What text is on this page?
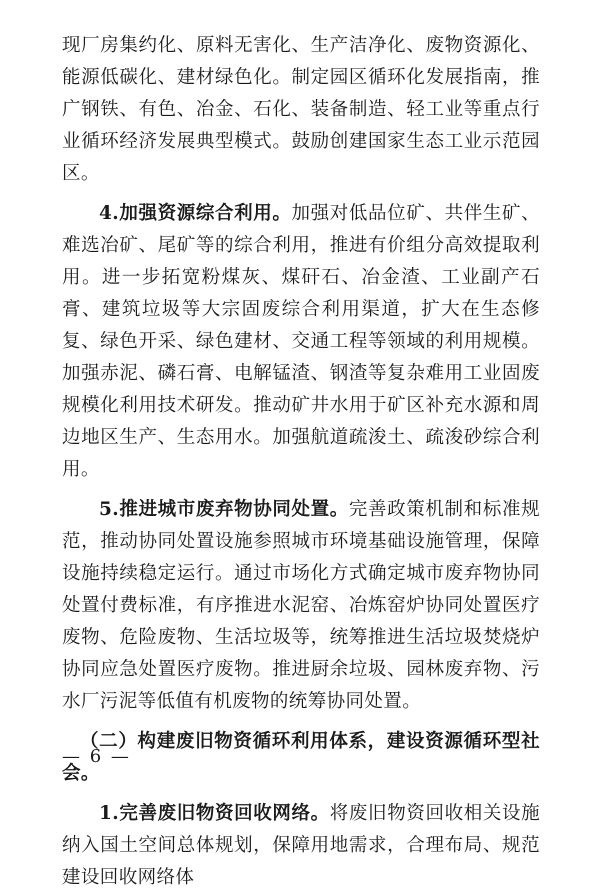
现厂房集约化、原料无害化、生产洁净化、废物资源化、能源低碳化、建材绿色化。制定园区循环化发展指南，推广钢铁、有色、冶金、石化、装备制造、轻工业等重点行业循环经济发展典型模式。鼓励创建国家生态工业示范园区。

4.加强资源综合利用。加强对低品位矿、共伴生矿、难选冶矿、尾矿等的综合利用，推进有价组分高效提取利用。进一步拓宽粉煤灰、煤矸石、冶金渣、工业副产石膏、建筑垃圾等大宗固废综合利用渠道，扩大在生态修复、绿色开采、绿色建材、交通工程等领域的利用规模。加强赤泥、磷石膏、电解锰渣、钢渣等复杂难用工业固废规模化利用技术研发。推动矿井水用于矿区补充水源和周边地区生产、生态用水。加强航道疏浚土、疏浚砂综合利用。

5.推进城市废弃物协同处置。完善政策机制和标准规范，推动协同处置设施参照城市环境基础设施管理，保障设施持续稳定运行。通过市场化方式确定城市废弃物协同处置付费标准，有序推进水泥窑、冶炼窑炉协同处置医疗废物、危险废物、生活垃圾等，统筹推进生活垃圾焚烧炉协同应急处置医疗废物。推进厨余垃圾、园林废弃物、污水厂污泥等低值有机废物的统筹协同处置。

（二）构建废旧物资循环利用体系，建设资源循环型社会。

1.完善废旧物资回收网络。将废旧物资回收相关设施纳入国土空间总体规划，保障用地需求，合理布局、规范建设回收网络体

— 6 —
